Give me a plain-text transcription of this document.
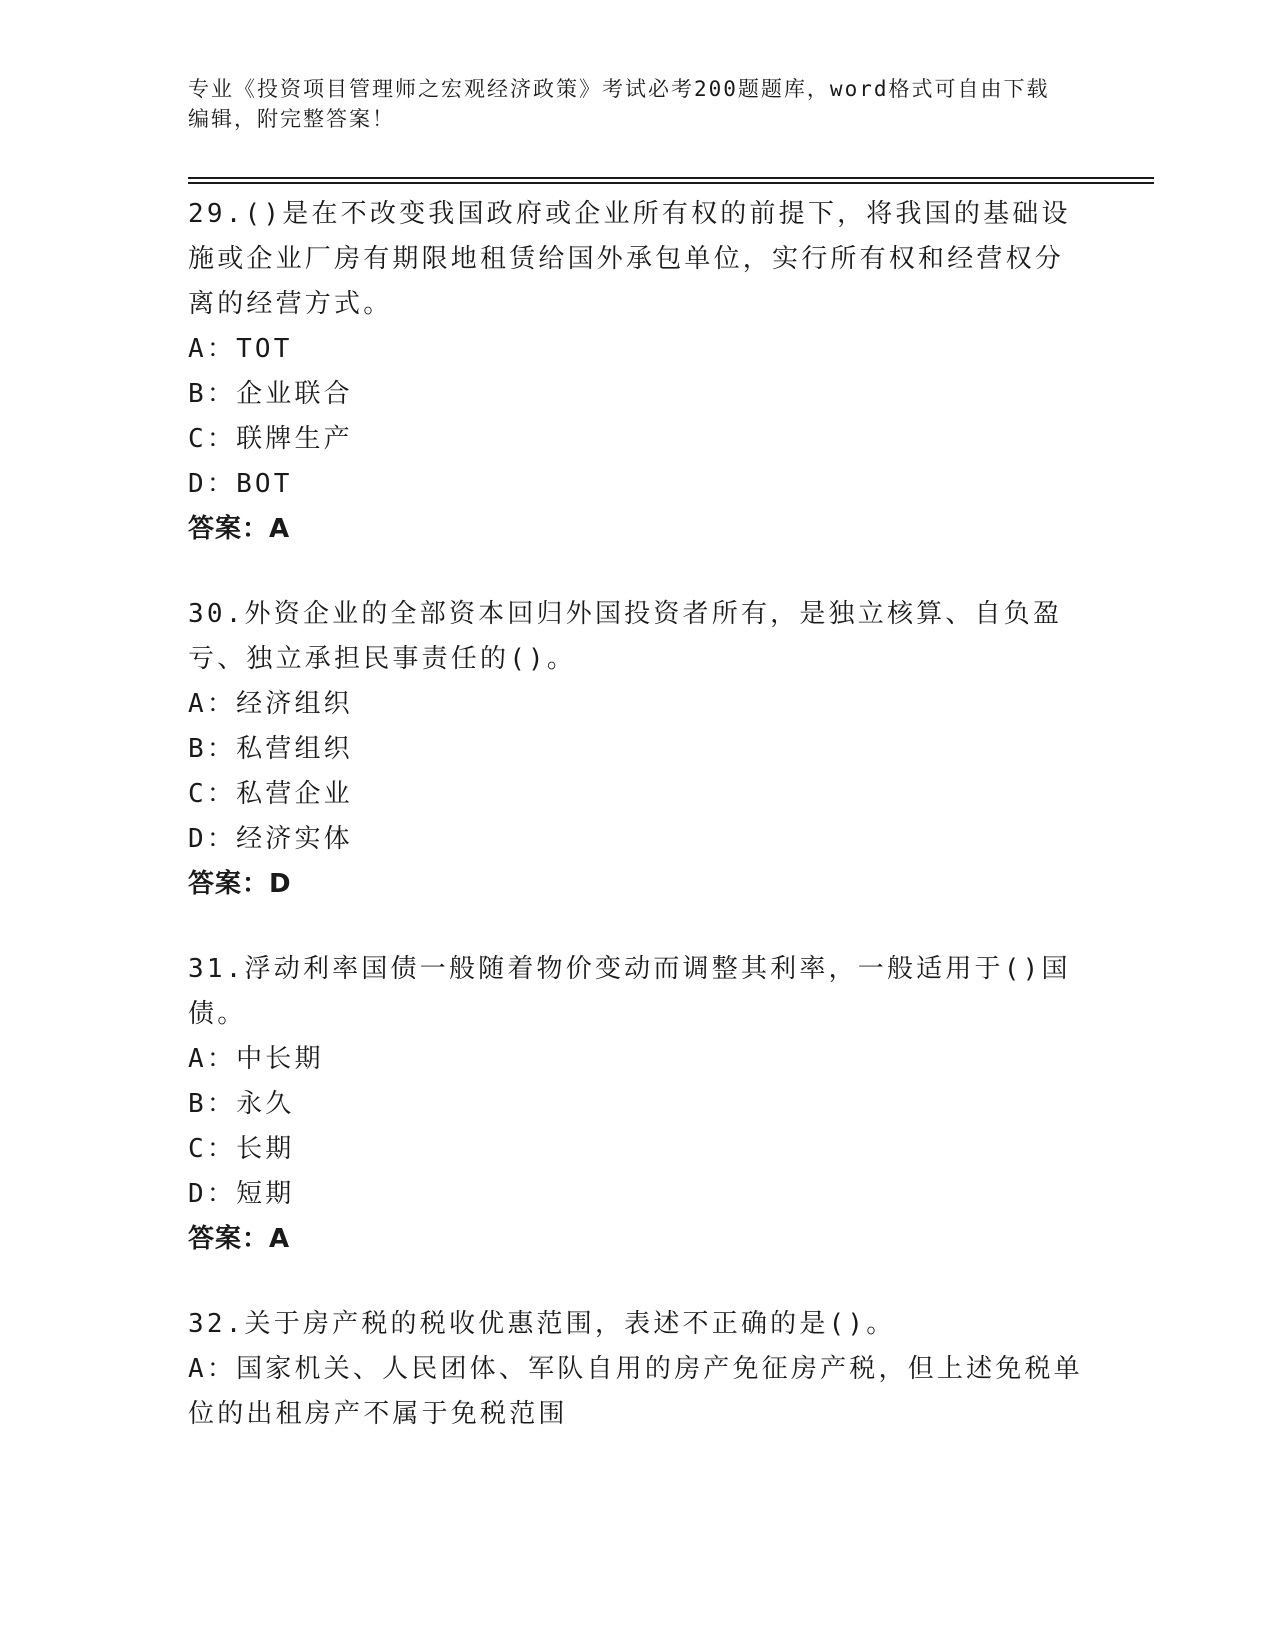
专业《投资项目管理师之宏观经济政策》考试必考200题题库，word格式可自由下载编辑，附完整答案！

29.()是在不改变我国政府或企业所有权的前提下，将我国的基础设施或企业厂房有期限地租赁给国外承包单位，实行所有权和经营权分离的经营方式。

A：TOT
B：企业联合
C：联牌生产
D：BOT
答案：A

30.外资企业的全部资本回归外国投资者所有，是独立核算、自负盈亏、独立承担民事责任的()。

A：经济组织
B：私营组织
C：私营企业
D：经济实体
答案：D

31.浮动利率国债一般随着物价变动而调整其利率，一般适用于()国债。

A：中长期
B：永久
C：长期
D：短期
答案：A

32.关于房产税的税收优惠范围，表述不正确的是()。

A：国家机关、人民团体、军队自用的房产免征房产税，但上述免税单位的出租房产不属于免税范围
